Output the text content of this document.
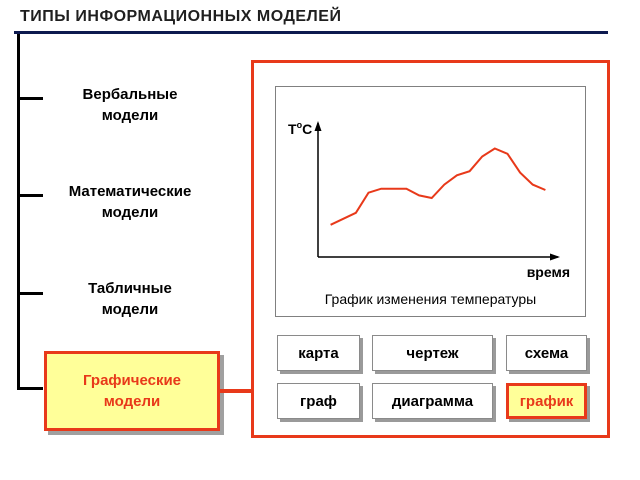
ТИПЫ ИНФОРМАЦИОННЫХ МОДЕЛЕЙ
Вербальные
модели
Математические
модели
Табличные
модели
Графические
модели
$Т^оС$
время
График изменения температуры
карта	чертеж	схема
граф	диаграмма	график
